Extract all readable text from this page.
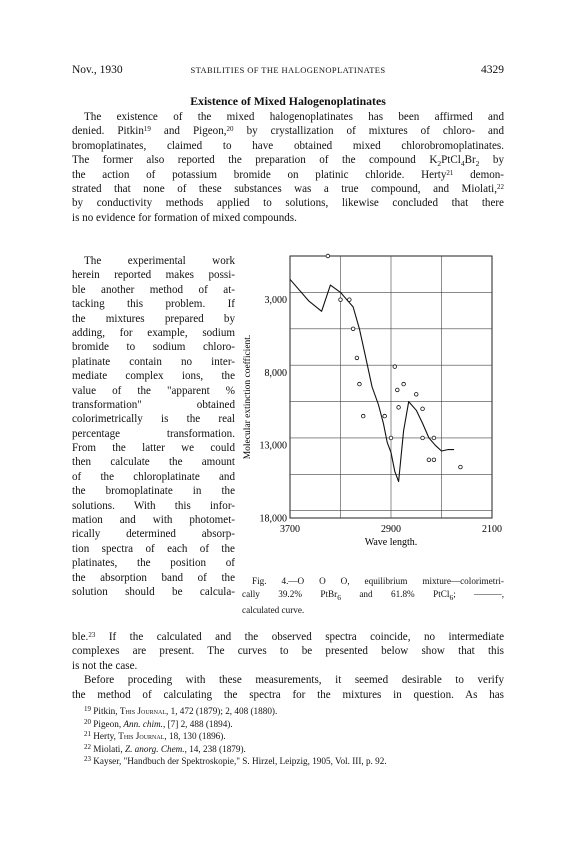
Nov., 1930	STABILITIES OF THE HALOGENOPLATINATES	4329
Existence of Mixed Halogenoplatinates
The existence of the mixed halogenoplatinates has been affirmed and
denied. Pitkin$^{19}$ and Pigeon,$^{20}$ by crystallization of mixtures of chloro- and
bromoplatinates, claimed to have obtained mixed chlorobromoplatinates.
The former also reported the preparation of the compound $K_2PtCl_4Br_2$ by
the action of potassium bromide on platinic chloride. Herty$^{21}$ demon-
strated that none of these substances was a true compound, and Miolati,$^{22}$
by conductivity methods applied to solutions, likewise concluded that there
is no evidence for formation of mixed compounds.
The experimental work
herein reported makes possi-
ble another method of at-
tacking this problem. If
the mixtures prepared by
adding, for example, sodium
bromide to sodium chloro-
platinate contain no inter-
mediate complex ions, the
value of the "apparent %
transformation" obtained
colorimetrically is the real
percentage transformation.
From the latter we could
then calculate the amount
of the chloroplatinate and
the bromoplatinate in the
solutions. With this infor-
mation and with photomet-
rically determined absorp-
tion spectra of each of the
platinates, the position of
the absorption band of the
solution should be calcula-
3,000
8,000
13,000
18,000
3700	2900	2100
Wave length.
Molecular extinction coefficient.
Fig. 4.—O O O, equilibrium mixture—colorimetri-
cally 39.2% PtBr$_6$ and 61.8% PtCl$_6$; ———,
calculated curve.
ble.$^{23}$ If the calculated and the observed spectra coincide, no intermediate
complexes are present. The curves to be presented below show that this
is not the case.
Before proceding with these measurements, it seemed desirable to verify
the method of calculating the spectra for the mixtures in question. As has
$^{19}$ Pitkin, This Journal, 1, 472 (1879); 2, 408 (1880).
$^{20}$ Pigeon, Ann. chim., [7] 2, 488 (1894).
$^{21}$ Herty, This Journal, 18, 130 (1896).
$^{22}$ Miolati, Z. anorg. Chem., 14, 238 (1879).
$^{23}$ Kayser, "Handbuch der Spektroskopie," S. Hirzel, Leipzig, 1905, Vol. III, p. 92.
